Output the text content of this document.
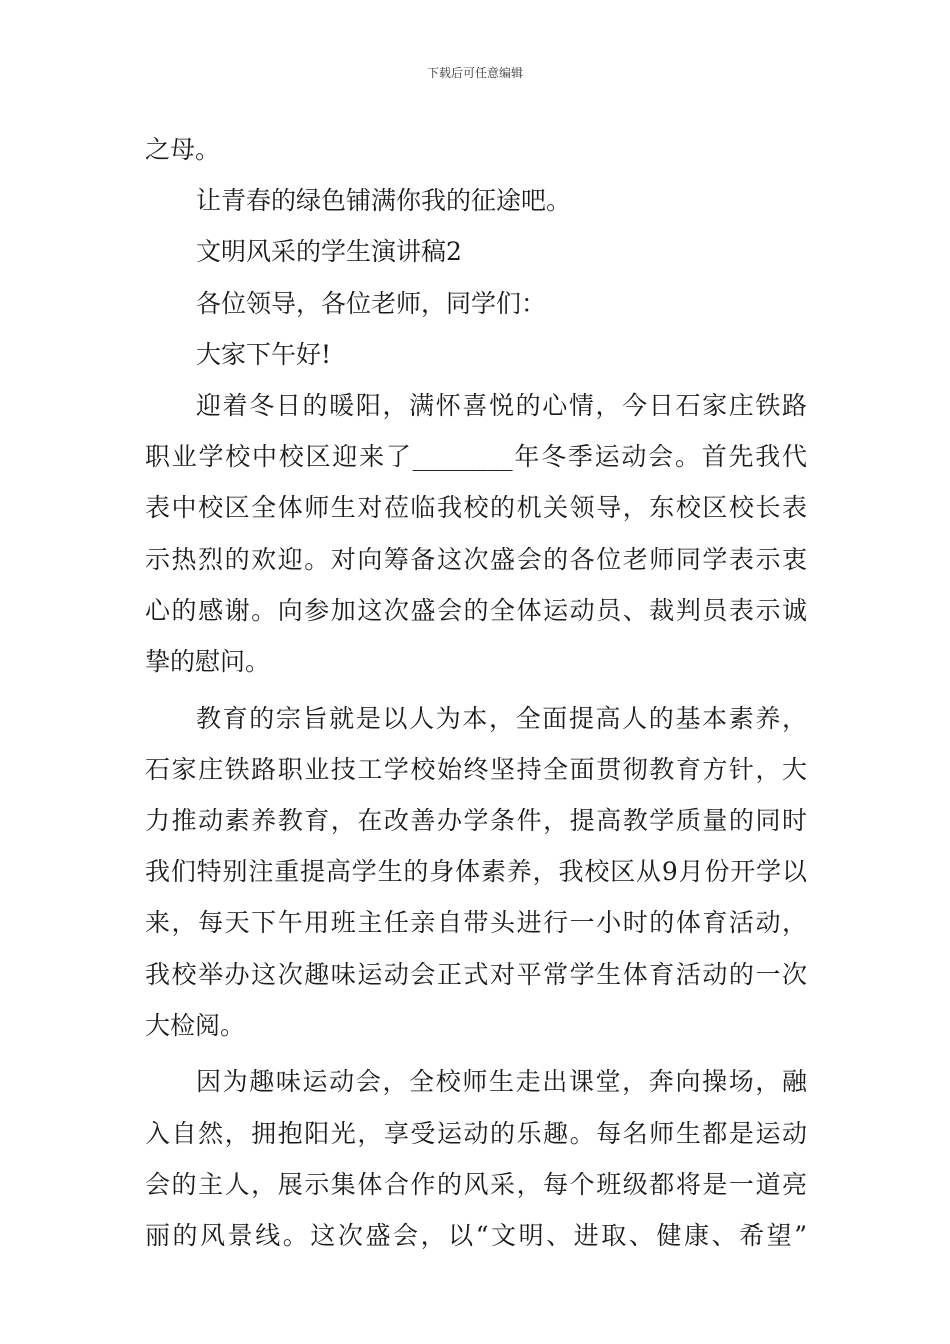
下载后可任意编辑
之母。
让青春的绿色铺满你我的征途吧。
文明风采的学生演讲稿2
各位领导，各位老师，同学们：
大家下午好!
迎着冬日的暖阳，满怀喜悦的心情，今日石家庄铁路
职业学校中校区迎来了________年冬季运动会。首先我代
表中校区全体师生对莅临我校的机关领导，东校区校长表
示热烈的欢迎。对向筹备这次盛会的各位老师同学表示衷
心的感谢。向参加这次盛会的全体运动员、裁判员表示诚
挚的慰问。
教育的宗旨就是以人为本，全面提高人的基本素养，
石家庄铁路职业技工学校始终坚持全面贯彻教育方针，大
力推动素养教育，在改善办学条件，提高教学质量的同时
我们特别注重提高学生的身体素养，我校区从9月份开学以
来，每天下午用班主任亲自带头进行一小时的体育活动，
我校举办这次趣味运动会正式对平常学生体育活动的一次
大检阅。
因为趣味运动会，全校师生走出课堂，奔向操场，融
入自然，拥抱阳光，享受运动的乐趣。每名师生都是运动
会的主人，展示集体合作的风采，每个班级都将是一道亮
丽的风景线。这次盛会，以“文明、进取、健康、希望”
